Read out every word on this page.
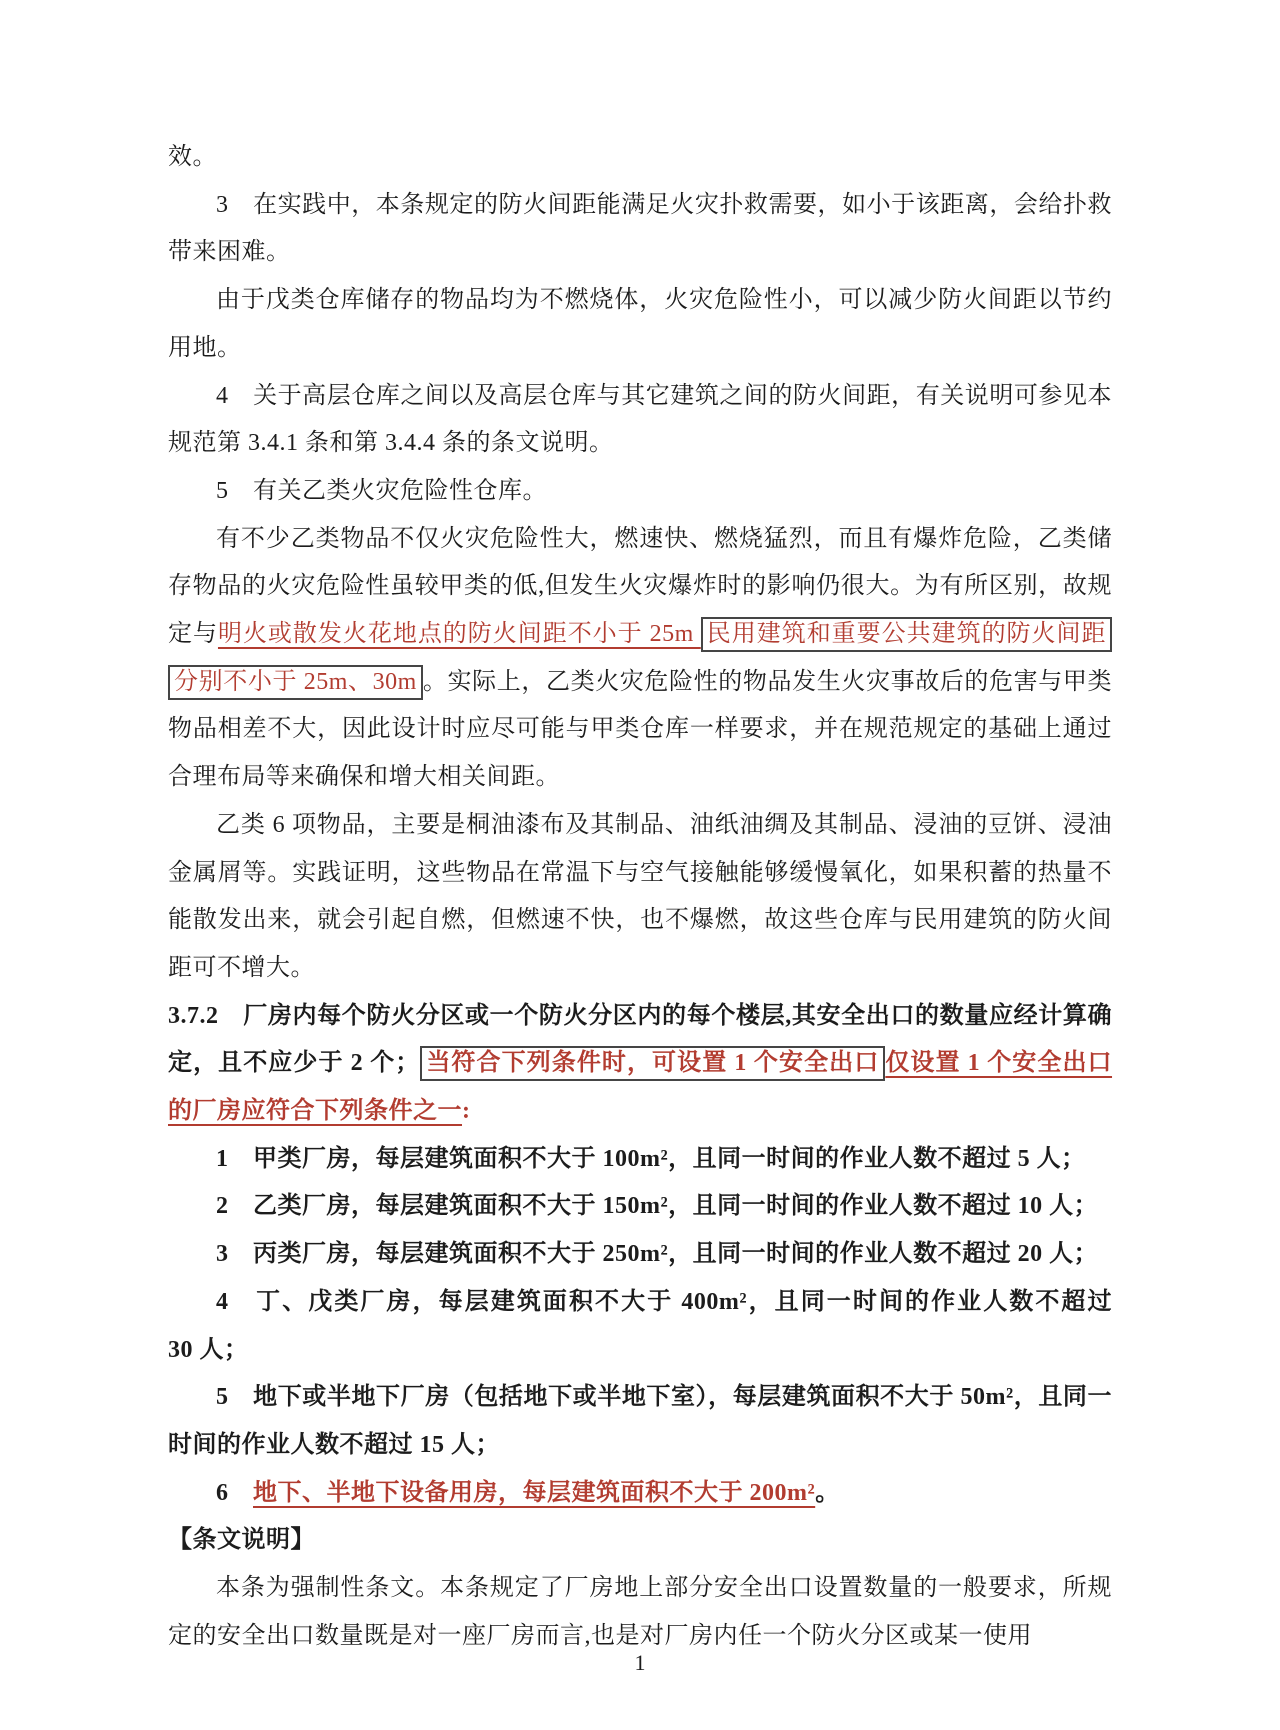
效。

3　在实践中，本条规定的防火间距能满足火灾扑救需要，如小于该距离，会给扑救带来困难。

由于戊类仓库储存的物品均为不燃烧体，火灾危险性小，可以减少防火间距以节约用地。

4　关于高层仓库之间以及高层仓库与其它建筑之间的防火间距，有关说明可参见本规范第 3.4.1 条和第 3.4.4 条的条文说明。

5　有关乙类火灾危险性仓库。

有不少乙类物品不仅火灾危险性大，燃速快、燃烧猛烈，而且有爆炸危险，乙类储存物品的火灾危险性虽较甲类的低,但发生火灾爆炸时的影响仍很大。为有所区别，故规定与明火或散发火花地点的防火间距不小于 25m 民用建筑和重要公共建筑的防火间距分别不小于 25m、30m 。实际上，乙类火灾危险性的物品发生火灾事故后的危害与甲类物品相差不大，因此设计时应尽可能与甲类仓库一样要求，并在规范规定的基础上通过合理布局等来确保和增大相关间距。

乙类 6 项物品，主要是桐油漆布及其制品、油纸油绸及其制品、浸油的豆饼、浸油金属屑等。实践证明，这些物品在常温下与空气接触能够缓慢氧化，如果积蓄的热量不能散发出来，就会引起自燃，但燃速不快，也不爆燃，故这些仓库与民用建筑的防火间距可不增大。

3.7.2　厂房内每个防火分区或一个防火分区内的每个楼层,其安全出口的数量应经计算确定，且不应少于 2 个； 当符合下列条件时，可设置 1 个安全出口 仅设置 1 个安全出口的厂房应符合下列条件之一:

1　甲类厂房，每层建筑面积不大于 100m²，且同一时间的作业人数不超过 5 人；

2　乙类厂房，每层建筑面积不大于 150m²，且同一时间的作业人数不超过 10 人；

3　丙类厂房，每层建筑面积不大于 250m²，且同一时间的作业人数不超过 20 人；

4　丁、戊类厂房，每层建筑面积不大于 400m²，且同一时间的作业人数不超过 30 人；

5　地下或半地下厂房（包括地下或半地下室），每层建筑面积不大于 50m²，且同一时间的作业人数不超过 15 人；

6　地下、半地下设备用房，每层建筑面积不大于 200m²。

【条文说明】

本条为强制性条文。本条规定了厂房地上部分安全出口设置数量的一般要求，所规定的安全出口数量既是对一座厂房而言,也是对厂房内任一个防火分区或某一使用

1
